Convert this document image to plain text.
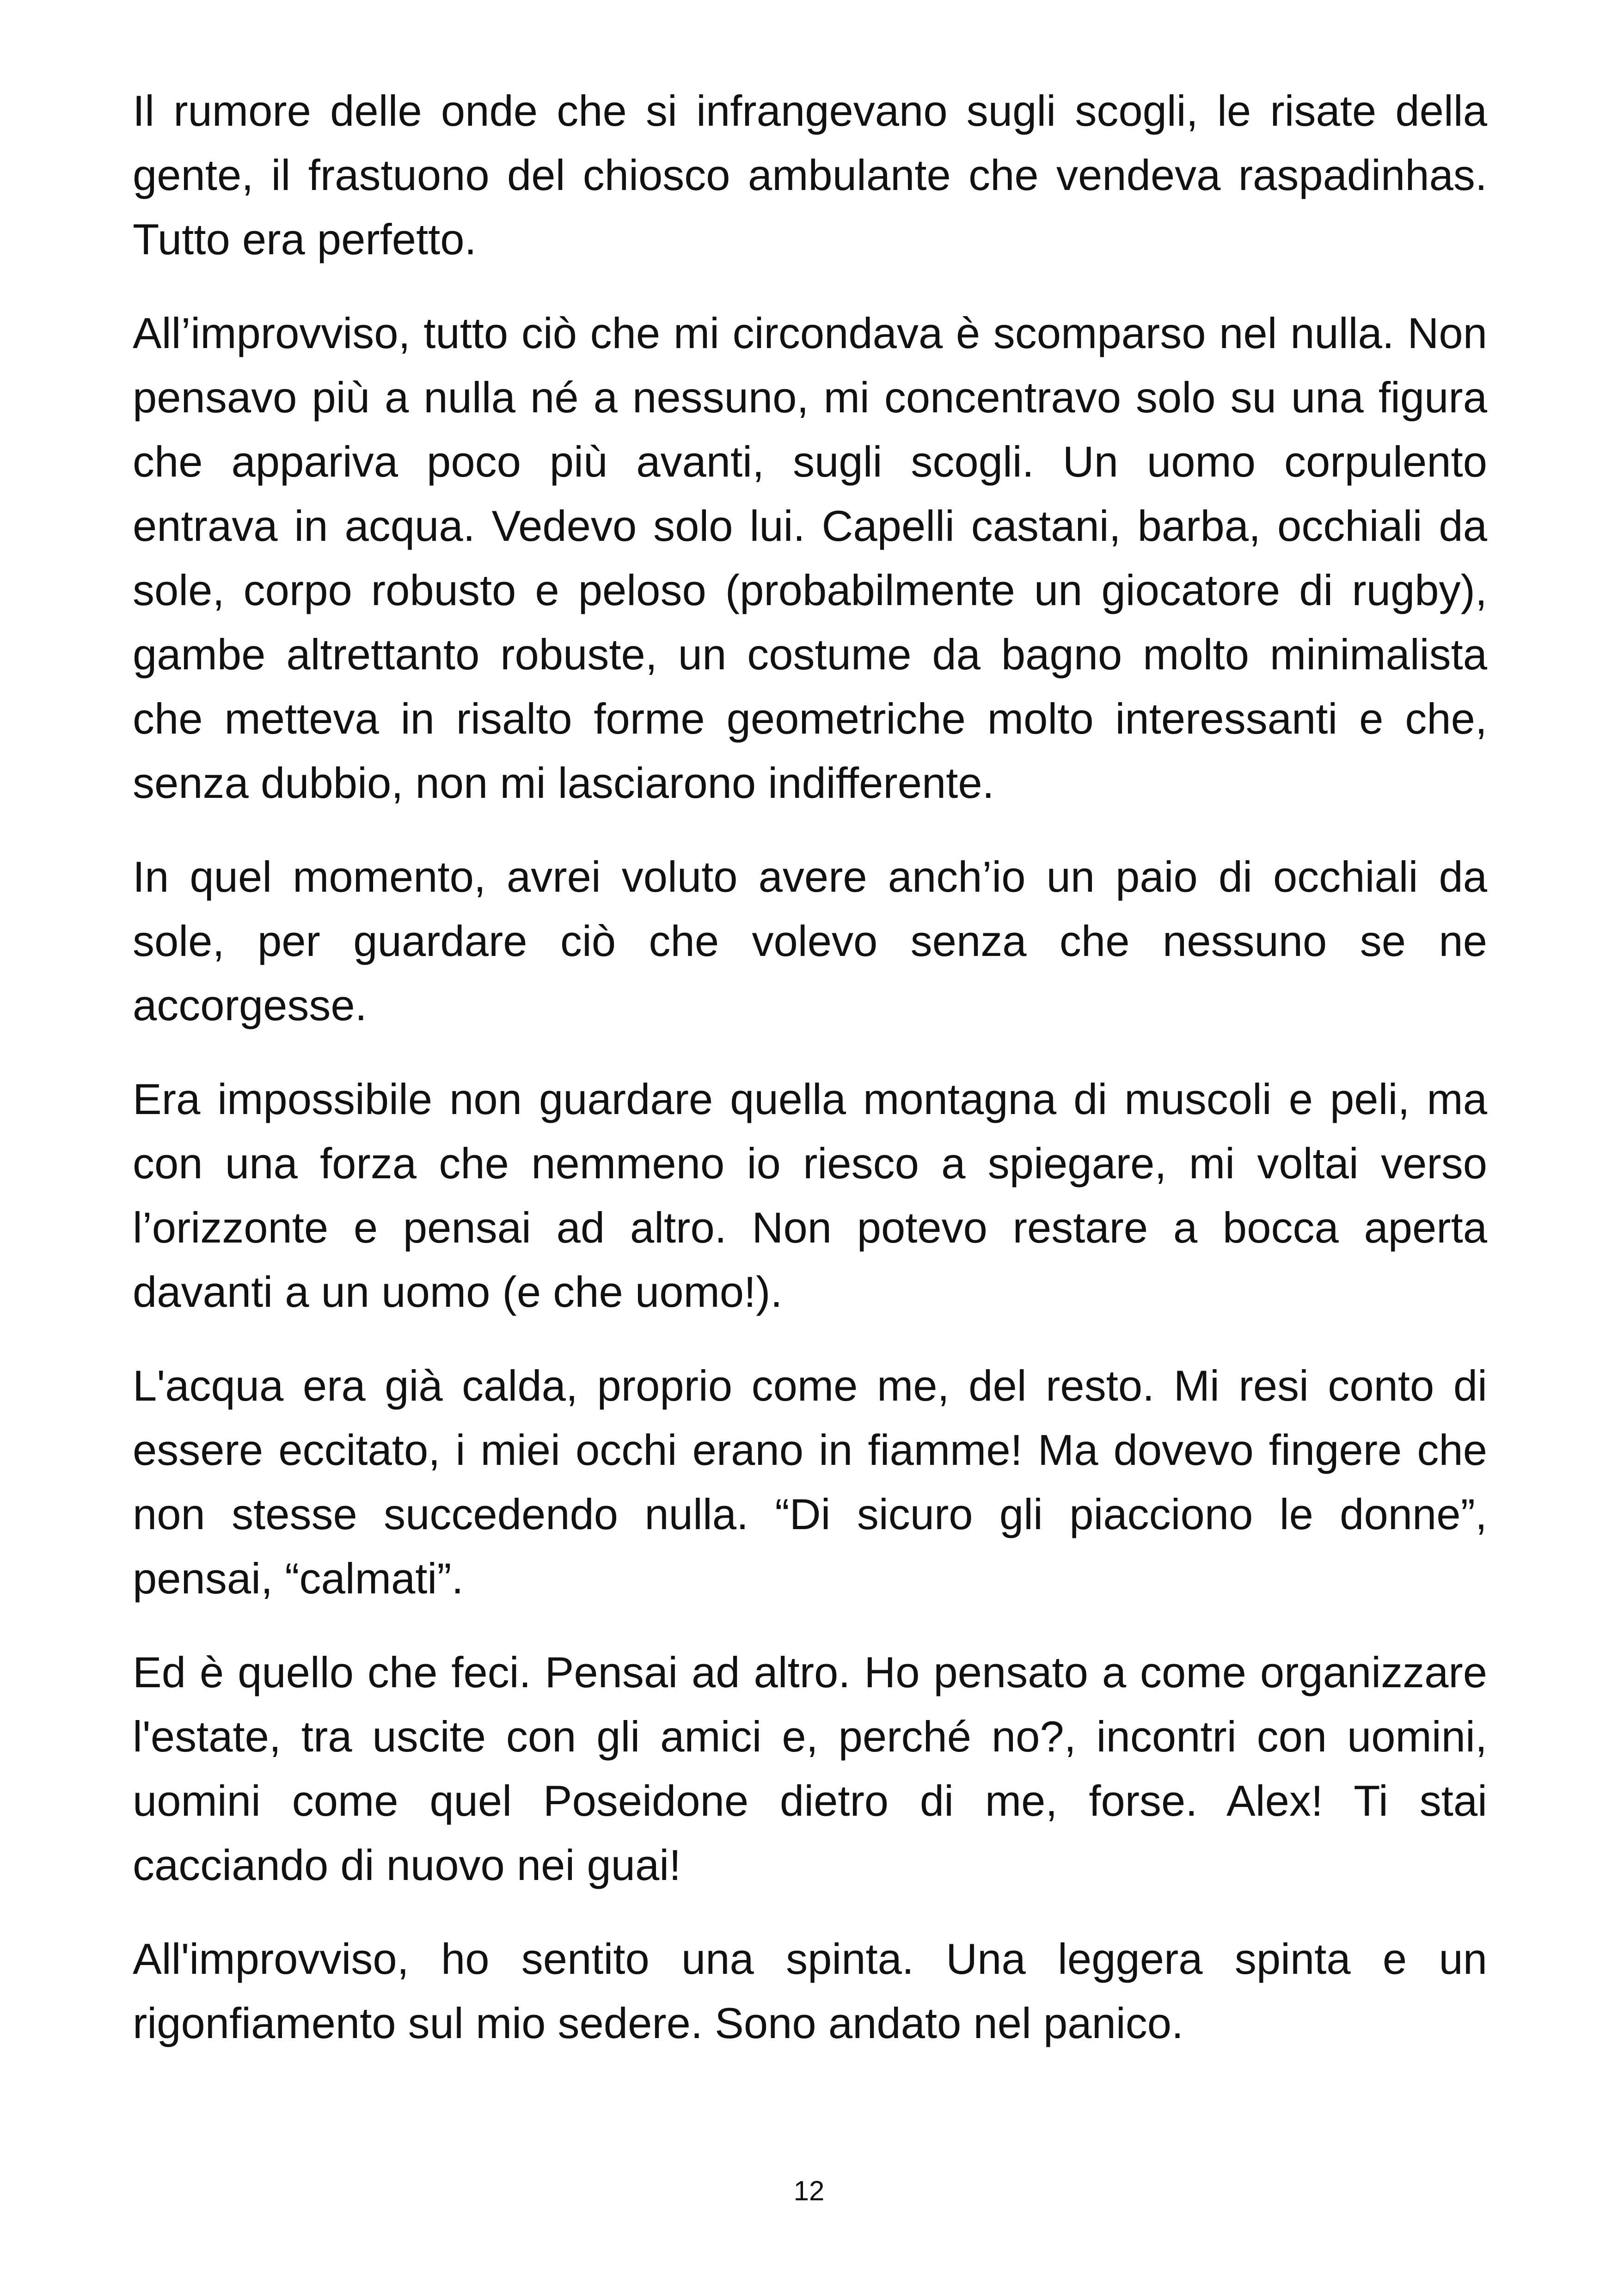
Il rumore delle onde che si infrangevano sugli scogli, le risate della gente, il frastuono del chiosco ambulante che vendeva raspadinhas. Tutto era perfetto.

All’improvviso, tutto ciò che mi circondava è scomparso nel nulla. Non pensavo più a nulla né a nessuno, mi concentravo solo su una figura che appariva poco più avanti, sugli scogli. Un uomo corpulento entrava in acqua. Vedevo solo lui. Capelli castani, barba, occhiali da sole, corpo robusto e peloso (probabilmente un giocatore di rugby), gambe altrettanto robuste, un costume da bagno molto minimalista che metteva in risalto forme geometriche molto interessanti e che, senza dubbio, non mi lasciarono indifferente.

In quel momento, avrei voluto avere anch’io un paio di occhiali da sole, per guardare ciò che volevo senza che nessuno se ne accorgesse.

Era impossibile non guardare quella montagna di muscoli e peli, ma con una forza che nemmeno io riesco a spiegare, mi voltai verso l’orizzonte e pensai ad altro. Non potevo restare a bocca aperta davanti a un uomo (e che uomo!).

L'acqua era già calda, proprio come me, del resto. Mi resi conto di essere eccitato, i miei occhi erano in fiamme! Ma dovevo fingere che non stesse succedendo nulla. “Di sicuro gli piacciono le donne”, pensai, “calmati”.

Ed è quello che feci. Pensai ad altro. Ho pensato a come organizzare l'estate, tra uscite con gli amici e, perché no?, incontri con uomini, uomini come quel Poseidone dietro di me, forse. Alex! Ti stai cacciando di nuovo nei guai!

All'improvviso, ho sentito una spinta. Una leggera spinta e un rigonfiamento sul mio sedere. Sono andato nel panico.

12
